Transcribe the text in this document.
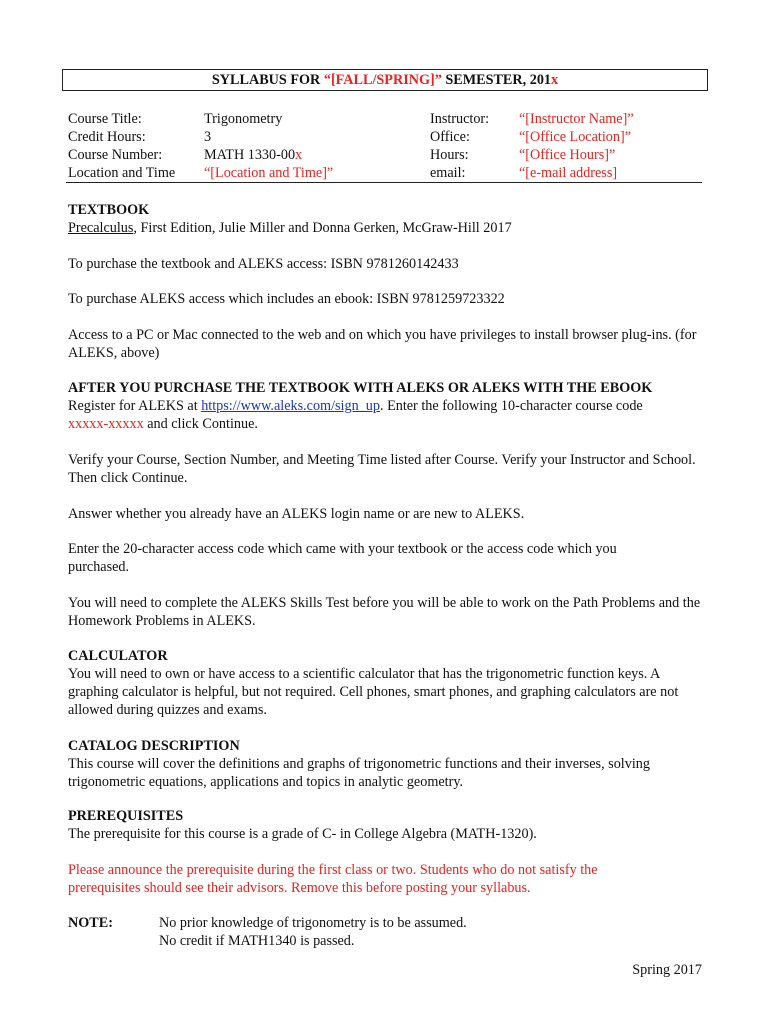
SYLLABUS FOR “[FALL/SPRING]” SEMESTER, 201x
Course Title:
Credit Hours:
Course Number:
Location and Time
Trigonometry
3
MATH 1330-00x
“[Location and Time]”
Instructor:
Office:
Hours:
email:
“[Instructor Name]”
“[Office Location]”
“[Office Hours]”
“[e-mail address]
TEXTBOOK
Precalculus, First Edition, Julie Miller and Donna Gerken, McGraw-Hill 2017
To purchase the textbook and ALEKS access: ISBN 9781260142433
To purchase ALEKS access which includes an ebook: ISBN 9781259723322
Access to a PC or Mac connected to the web and on which you have privileges to install browser plug-ins. (for ALEKS, above)
AFTER YOU PURCHASE THE TEXTBOOK WITH ALEKS OR ALEKS WITH THE EBOOK
Register for ALEKS at https://www.aleks.com/sign_up. Enter the following 10-character course code
xxxxx-xxxxx and click Continue.
Verify your Course, Section Number, and Meeting Time listed after Course. Verify your Instructor and School. Then click Continue.
Answer whether you already have an ALEKS login name or are new to ALEKS.
Enter the 20-character access code which came with your textbook or the access code which you purchased.
You will need to complete the ALEKS Skills Test before you will be able to work on the Path Problems and the Homework Problems in ALEKS.
CALCULATOR
You will need to own or have access to a scientific calculator that has the trigonometric function keys. A graphing calculator is helpful, but not required. Cell phones, smart phones, and graphing calculators are not allowed during quizzes and exams.
CATALOG DESCRIPTION
This course will cover the definitions and graphs of trigonometric functions and their inverses, solving trigonometric equations, applications and topics in analytic geometry.
PREREQUISITES
The prerequisite for this course is a grade of C- in College Algebra (MATH-1320).
Please announce the prerequisite during the first class or two. Students who do not satisfy the prerequisites should see their advisors. Remove this before posting your syllabus.
NOTE:	No prior knowledge of trigonometry is to be assumed.
No credit if MATH1340 is passed.
Spring 2017
